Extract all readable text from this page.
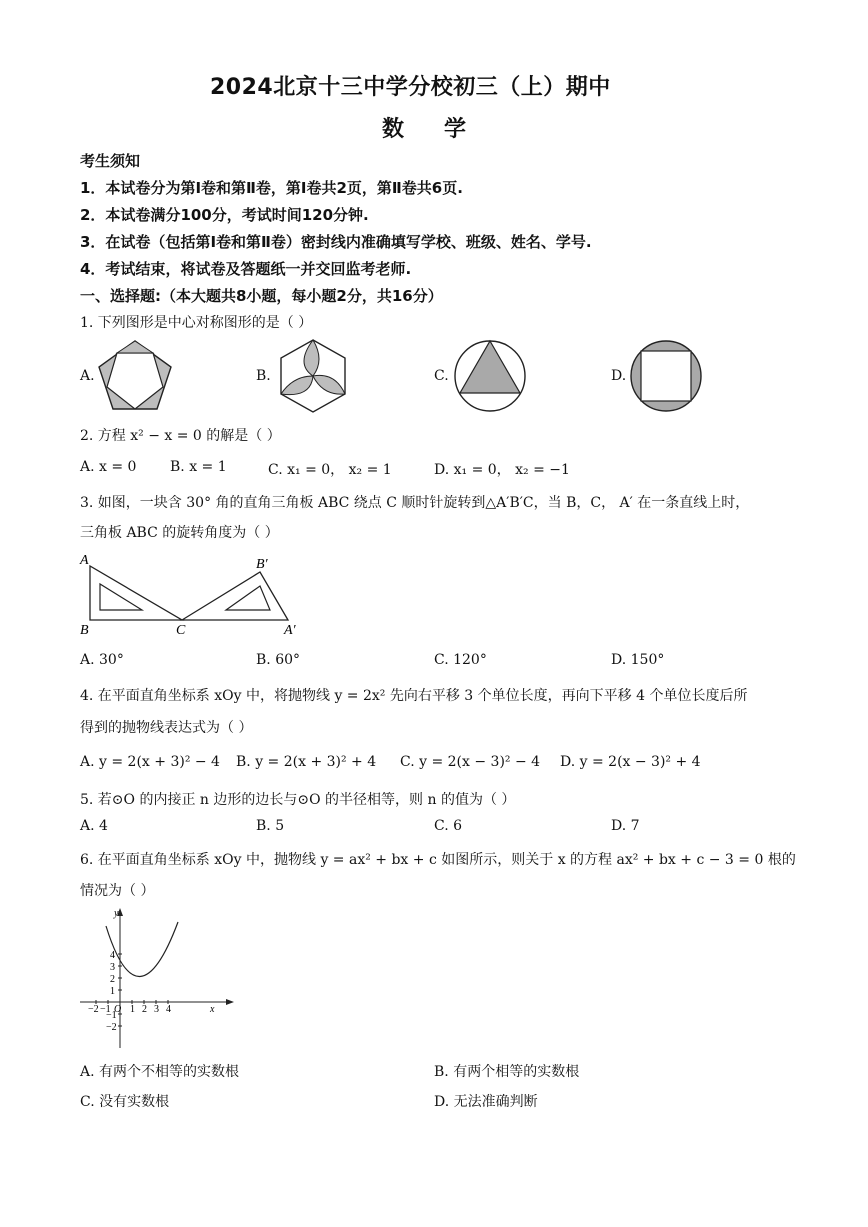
2024北京十三中学分校初三（上）期中
数学
考生须知
1．本试卷分为第Ⅰ卷和第Ⅱ卷，第Ⅰ卷共2页，第Ⅱ卷共6页.
2．本试卷满分100分，考试时间120分钟.
3．在试卷（包括第Ⅰ卷和第Ⅱ卷）密封线内准确填写学校、班级、姓名、学号.
4．考试结束，将试卷及答题纸一并交回监考老师.
一、选择题:（本大题共8小题，每小题2分，共16分）
1. 下列图形是中心对称图形的是（ ）
A.	B.	C.	D.
2. 方程 x² − x = 0 的解是（ ）
A. x = 0 B. x = 1	C. x₁ = 0， x₂ = 1	D. x₁ = 0， x₂ = −1
3. 如图，一块含 30° 角的直角三角板 ABC 绕点 C 顺时针旋转到△A′B′C，当 B，C， A′ 在一条直线上时，
三角板 ABC 的旋转角度为（ ）
A
B	C
B′
A′
A. 30°	B. 60°	C. 120°	D. 150°
4. 在平面直角坐标系 xOy 中，将抛物线 y = 2x² 先向右平移 3 个单位长度，再向下平移 4 个单位长度后所
得到的抛物线表达式为（ ）
A. y = 2(x + 3)² − 4 B. y = 2(x + 3)² + 4 C. y = 2(x − 3)² − 4 D. y = 2(x − 3)² + 4
5. 若⊙O 的内接正 n 边形的边长与⊙O 的半径相等，则 n 的值为（ ）
A. 4	B. 5	C. 6	D. 7
6. 在平面直角坐标系 xOy 中，抛物线 y = ax² + bx + c 如图所示，则关于 x 的方程 ax² + bx + c − 3 = 0 根的
情况为（ ）
y
x
O
4
3
2
1
−1
−2
−2 −1 1 2 3 4
A. 有两个不相等的实数根	B. 有两个相等的实数根
C. 没有实数根	D. 无法准确判断
